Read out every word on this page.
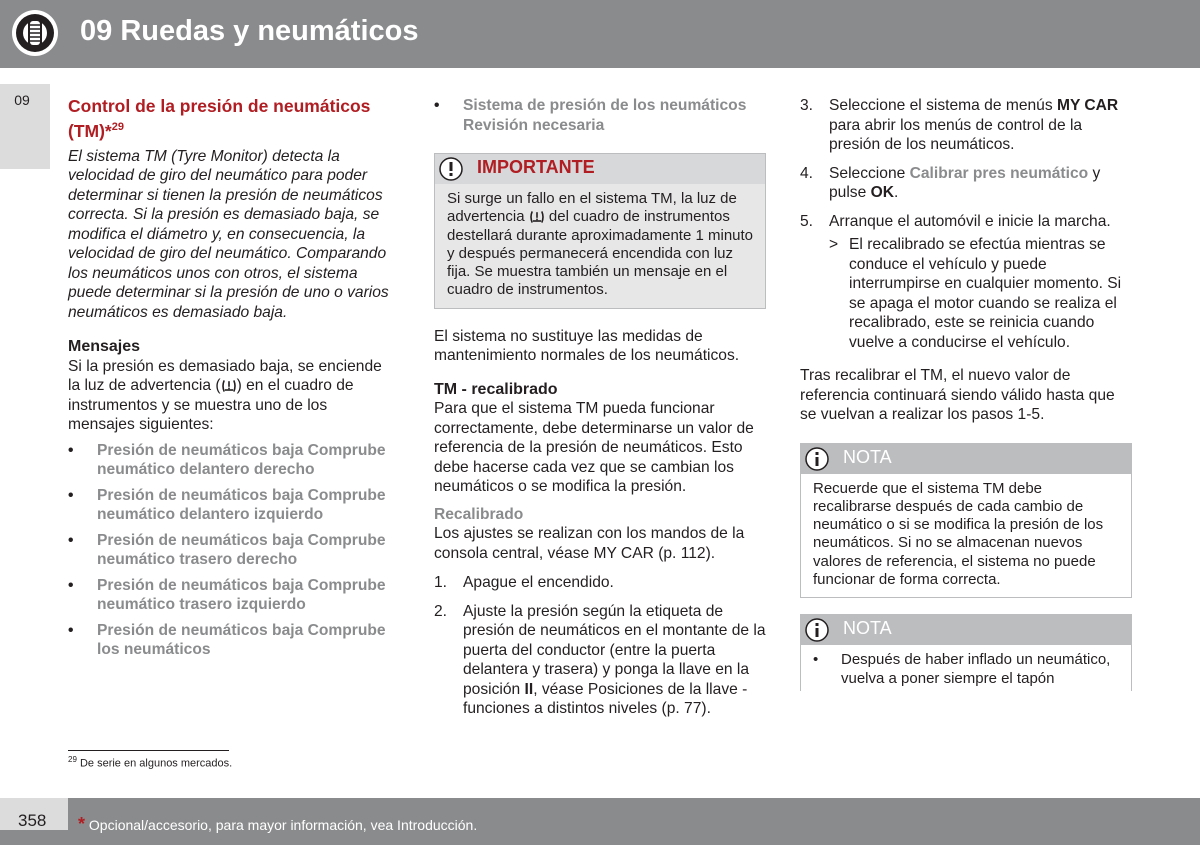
09 Ruedas y neumáticos
09	Control de la presión de neumáticos (TM)*$^{29}$

El sistema TM (Tyre Monitor) detecta la velocidad de giro del neumático para poder determinar si tienen la presión de neumáticos correcta. Si la presión es demasiado baja, se modifica el diámetro y, en consecuencia, la velocidad de giro del neumático. Comparando los neumáticos unos con otros, el sistema puede determinar si la presión de uno o varios neumáticos es demasiado baja.

Mensajes

Si la presión es demasiado baja, se enciende la luz de advertencia ( ) en el cuadro de instrumentos y se muestra uno de los mensajes siguientes:

• Presión de neumáticos baja Comprube neumático delantero derecho
• Presión de neumáticos baja Comprube neumático delantero izquierdo
• Presión de neumáticos baja Comprube neumático trasero derecho
• Presión de neumáticos baja Comprube neumático trasero izquierdo
• Presión de neumáticos baja Comprube los neumáticos
• Sistema de presión de los neumáticos Revisión necesaria
IMPORTANTE
Si surge un fallo en el sistema TM, la luz de advertencia del cuadro de instrumentos destellará durante aproximadamente 1 minuto y después permanecerá encendida con luz fija. Se muestra también un mensaje en el cuadro de instrumentos.

El sistema no sustituye las medidas de mantenimiento normales de los neumáticos.

TM - recalibrado

Para que el sistema TM pueda funcionar correctamente, debe determinarse un valor de referencia de la presión de neumáticos. Esto debe hacerse cada vez que se cambian los neumáticos o se modifica la presión.

Recalibrado

Los ajustes se realizan con los mandos de la consola central, véase MY CAR (p. 112).

1. Apague el encendido.
2. Ajuste la presión según la etiqueta de presión de neumáticos en el montante de la puerta del conductor (entre la puerta delantera y trasera) y ponga la llave en la posición II, véase Posiciones de la llave - funciones a distintos niveles (p. 77).
3. Seleccione el sistema de menús MY CAR para abrir los menús de control de la presión de los neumáticos.
4. Seleccione Calibrar pres neumático y pulse OK.
5. Arranque el automóvil e inicie la marcha.
> El recalibrado se efectúa mientras se conduce el vehículo y puede interrumpirse en cualquier momento. Si se apaga el motor cuando se realiza el recalibrado, este se reinicia cuando vuelve a conducirse el vehículo.

Tras recalibrar el TM, el nuevo valor de referencia continuará siendo válido hasta que se vuelvan a realizar los pasos 1-5.

NOTA
Recuerde que el sistema TM debe recalibrarse después de cada cambio de neumático o si se modifica la presión de los neumáticos. Si no se almacenan nuevos valores de referencia, el sistema no puede funcionar de forma correcta.
NOTA
• Después de haber inflado un neumático, vuelva a poner siempre el tapón
$^{29}$ De serie en algunos mercados.
358 * Opcional/accesorio, para mayor información, vea Introducción.
